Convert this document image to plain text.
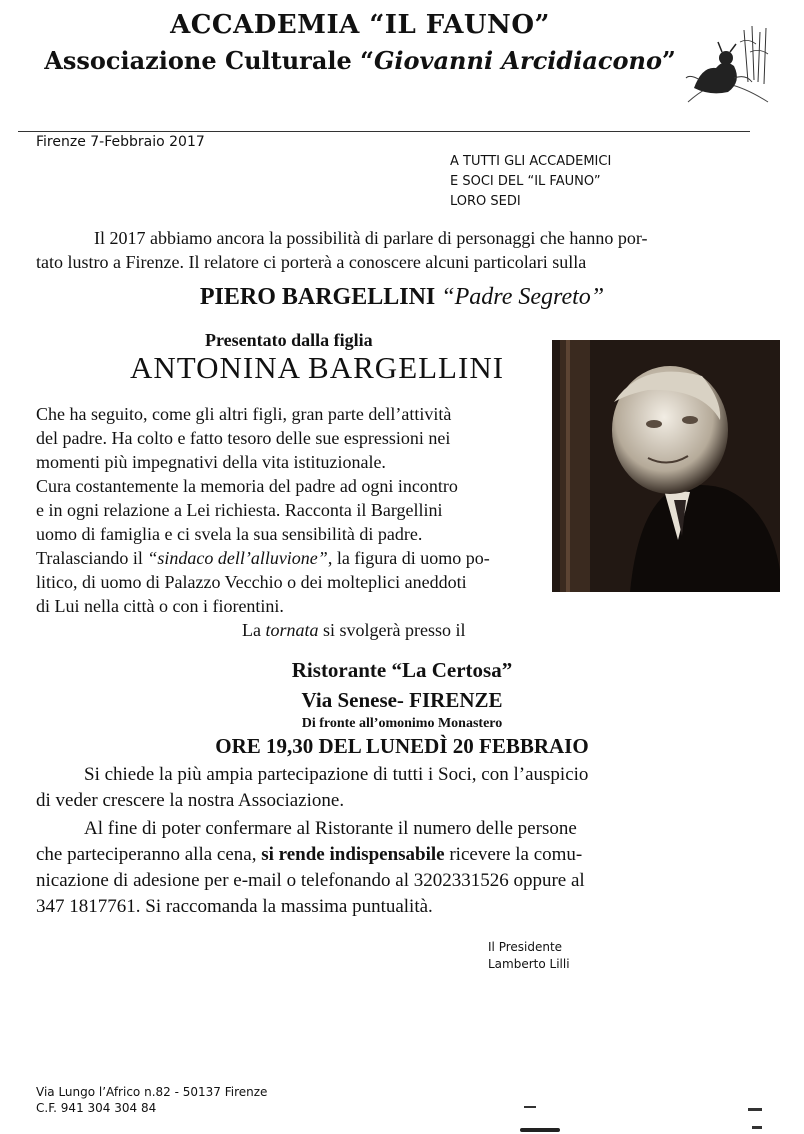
ACCADEMIA “IL FAUNO”
Associazione Culturale “Giovanni Arcidiacono”
Firenze 7-Febbraio 2017
A TUTTI GLI ACCADEMICI
E SOCI DEL “IL FAUNO”
LORO SEDI
Il 2017 abbiamo ancora la possibilità di parlare di personaggi che hanno por-
tato lustro a Firenze. Il relatore ci porterà a conoscere alcuni particolari sulla
PIERO BARGELLINI “Padre Segreto”
Presentato dalla figlia
ANTONINA BARGELLINI
Che ha seguito, come gli altri figli, gran parte dell’attività
del padre. Ha colto e fatto tesoro delle sue espressioni nei
momenti più impegnativi della vita istituzionale.
Cura costantemente la memoria del padre ad ogni incontro
e in ogni relazione a Lei richiesta. Racconta il Bargellini
uomo di famiglia e ci svela la sua sensibilità di padre.
Tralasciando il “sindaco dell’alluvione”, la figura di uomo po-
litico, di uomo di Palazzo Vecchio o dei molteplici aneddoti
di Lui nella città o con i fiorentini.
La tornata si svolgerà presso il
Ristorante “La Certosa”
Via Senese- FIRENZE
Di fronte all’omonimo Monastero
ORE 19,30 DEL LUNEDÌ 20 FEBBRAIO
Si chiede la più ampia partecipazione di tutti i Soci, con l’auspicio
di veder crescere la nostra Associazione.
Al fine di poter confermare al Ristorante il numero delle persone
che parteciperanno alla cena, si rende indispensabile ricevere la comu-
nicazione di adesione per e-mail o telefonando al 3202331526 oppure al
347 1817761. Si raccomanda la massima puntualità.
Il Presidente
Lamberto Lilli
Via Lungo l’Africo n.82 - 50137 Firenze
C.F. 941 304 304 84
